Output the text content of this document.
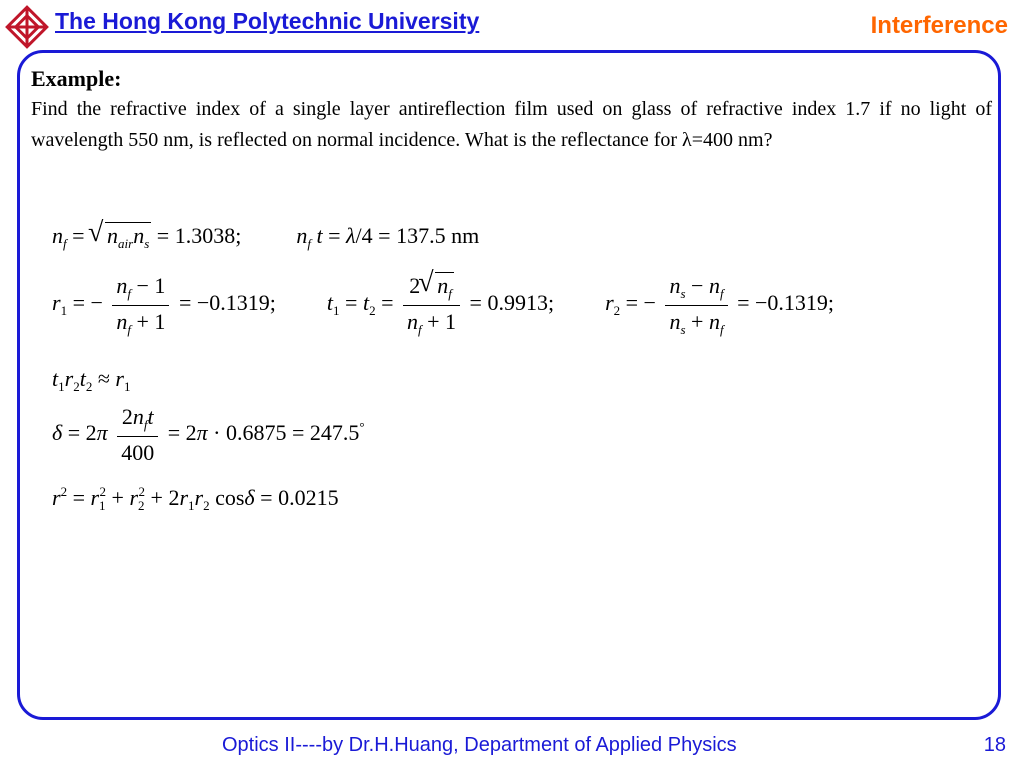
The Hong Kong Polytechnic University	Interference
Example:

Find the refractive index of a single layer antireflection film used on glass of refractive index 1.7 if no light of wavelength 550 nm, is reflected on normal incidence. What is the reflectance for λ=400 nm?

$n_f$ = √ $n_{air}n_s = 1.3038$;	$n_f$ t = λ/4 = 137.5 nm
$r_1$ = − $\frac{n_f - 1}{n_f + 1} = -0.1319$; $t_1 = t_2 = \frac{2√ n_f}{n_f + 1} = 0.9913$; $r_2$ = − $\frac{n_s - n_f}{n_s + n_f} = -0.1319$;
$t_1r_2t_2 \approx r_1$
$\delta = 2\pi \frac{2n_ft}{400} = 2\pi \cdot 0.6875 = 247.5^\circ$
$r^2 = r_1^2 + r_2^2 + 2r_1r_2$ cosδ = 0.0215
Optics II----by Dr.H.Huang, Department of Applied Physics	18
